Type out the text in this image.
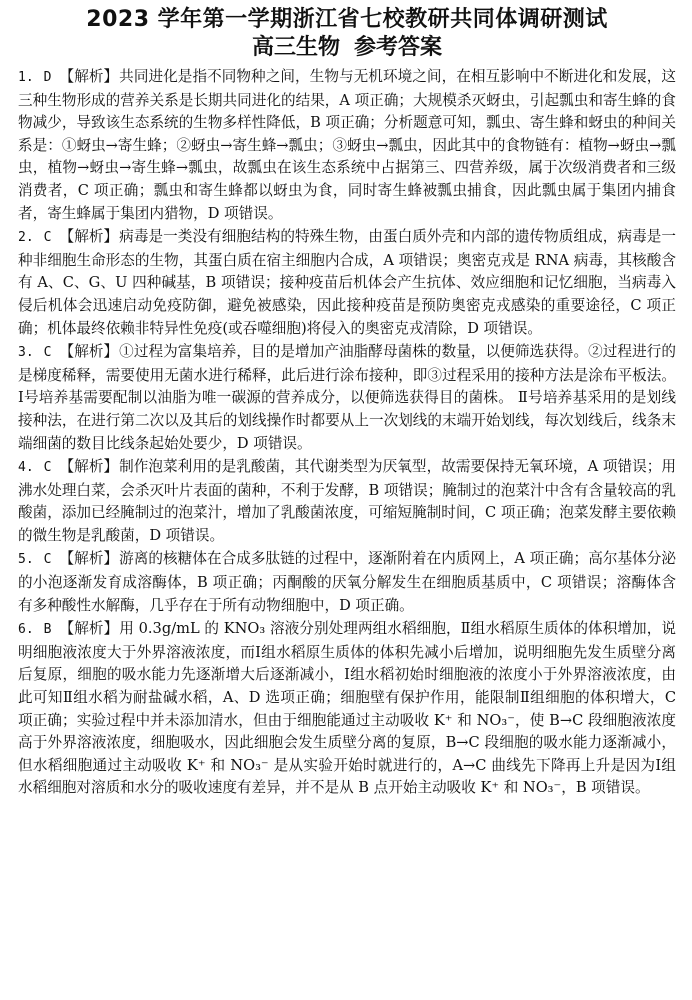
2023 学年第一学期浙江省七校教研共同体调研测试
高三生物 参考答案
1. D 【解析】共同进化是指不同物种之间，生物与无机环境之间，在相互影响中不断进化和发展，这三种生物形成的营养关系是长期共同进化的结果，A 项正确；大规模杀灭蚜虫，引起瓢虫和寄生蜂的食物减少，导致该生态系统的生物多样性降低，B 项正确；分析题意可知，瓢虫、寄生蜂和蚜虫的种间关系是：①蚜虫→寄生蜂；②蚜虫→寄生蜂→瓢虫；③蚜虫→瓢虫，因此其中的食物链有：植物→蚜虫→瓢虫，植物→蚜虫→寄生蜂→瓢虫，故瓢虫在该生态系统中占据第三、四营养级，属于次级消费者和三级消费者，C 项正确；瓢虫和寄生蜂都以蚜虫为食，同时寄生蜂被瓢虫捕食，因此瓢虫属于集团内捕食者，寄生蜂属于集团内猎物，D 项错误。
2. C 【解析】病毒是一类没有细胞结构的特殊生物，由蛋白质外壳和内部的遗传物质组成，病毒是一种非细胞生命形态的生物，其蛋白质在宿主细胞内合成，A 项错误；奥密克戎是 RNA 病毒，其核酸含有 A、C、G、U 四种碱基，B 项错误；接种疫苗后机体会产生抗体、效应细胞和记忆细胞，当病毒入侵后机体会迅速启动免疫防御，避免被感染，因此接种疫苗是预防奥密克戎感染的重要途径，C 项正确；机体最终依赖非特异性免疫(或吞噬细胞)将侵入的奥密克戎清除，D 项错误。
3. C 【解析】①过程为富集培养，目的是增加产油脂酵母菌株的数量，以便筛选获得。②过程进行的是梯度稀释，需要使用无菌水进行稀释，此后进行涂布接种，即③过程采用的接种方法是涂布平板法。Ⅰ号培养基需要配制以油脂为唯一碳源的营养成分，以便筛选获得目的菌株。 Ⅱ号培养基采用的是划线接种法，在进行第二次以及其后的划线操作时都要从上一次划线的末端开始划线，每次划线后，线条末端细菌的数目比线条起始处要少，D 项错误。
4. C 【解析】制作泡菜利用的是乳酸菌，其代谢类型为厌氧型，故需要保持无氧环境，A 项错误；用沸水处理白菜，会杀灭叶片表面的菌种，不利于发酵，B 项错误；腌制过的泡菜汁中含有含量较高的乳酸菌，添加已经腌制过的泡菜汁，增加了乳酸菌浓度，可缩短腌制时间，C 项正确；泡菜发酵主要依赖的微生物是乳酸菌，D 项错误。
5. C 【解析】游离的核糖体在合成多肽链的过程中，逐渐附着在内质网上，A 项正确；高尔基体分泌的小泡逐渐发育成溶酶体，B 项正确；丙酮酸的厌氧分解发生在细胞质基质中，C 项错误；溶酶体含有多种酸性水解酶，几乎存在于所有动物细胞中，D 项正确。
6. B 【解析】用 0.3g/mL 的 KNO₃ 溶液分别处理两组水稻细胞，Ⅱ组水稻原生质体的体积增加，说明细胞液浓度大于外界溶液浓度，而Ⅰ组水稻原生质体的体积先减小后增加，说明细胞先发生质壁分离后复原，细胞的吸水能力先逐渐增大后逐渐减小，Ⅰ组水稻初始时细胞液的浓度小于外界溶液浓度，由此可知Ⅱ组水稻为耐盐碱水稻，A、D 选项正确；细胞壁有保护作用，能限制Ⅱ组细胞的体积增大，C 项正确；实验过程中并未添加清水，但由于细胞能通过主动吸收 K⁺ 和 NO₃⁻，使 B→C 段细胞液浓度高于外界溶液浓度，细胞吸水，因此细胞会发生质壁分离的复原，B→C 段细胞的吸水能力逐渐减小，但水稻细胞通过主动吸收 K⁺ 和 NO₃⁻ 是从实验开始时就进行的，A→C 曲线先下降再上升是因为Ⅰ组水稻细胞对溶质和水分的吸收速度有差异，并不是从 B 点开始主动吸收 K⁺ 和 NO₃⁻，B 项错误。
